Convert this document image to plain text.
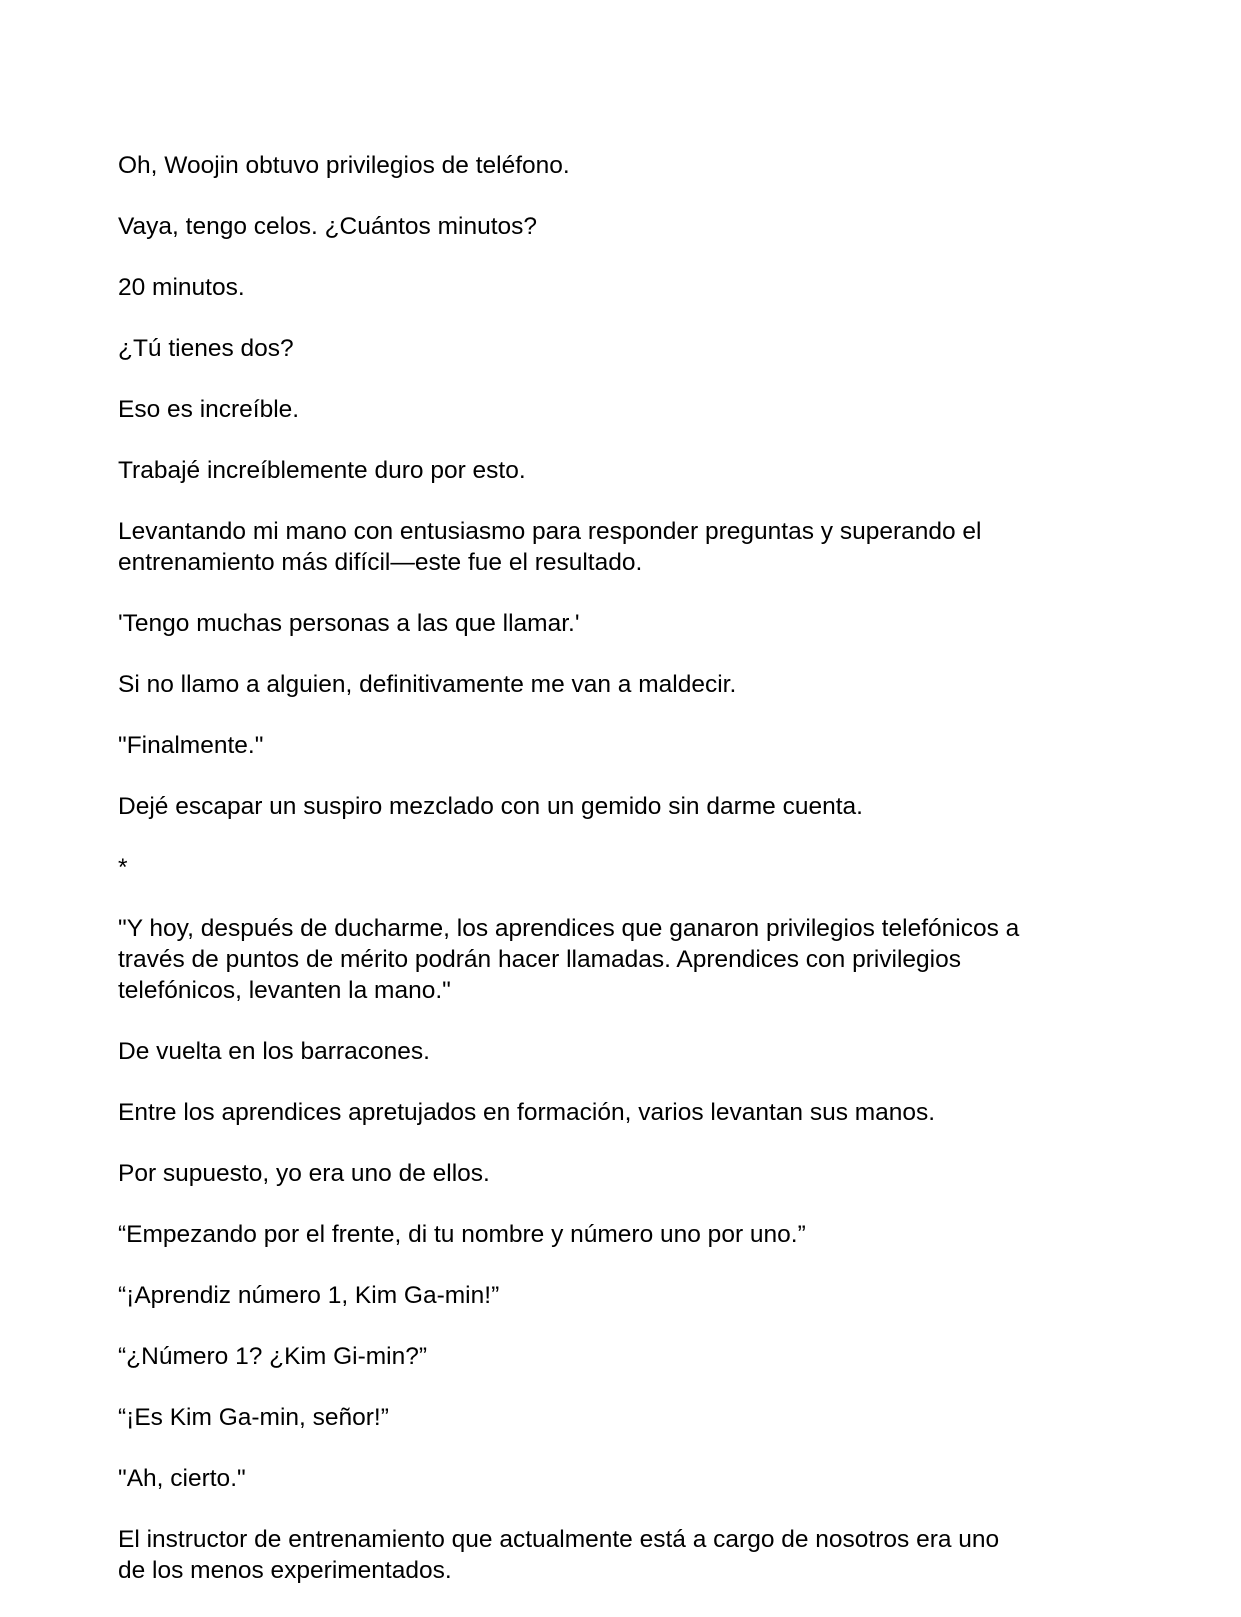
Oh, Woojin obtuvo privilegios de teléfono.

Vaya, tengo celos. ¿Cuántos minutos?

20 minutos.

¿Tú tienes dos?

Eso es increíble.

Trabajé increíblemente duro por esto.

Levantando mi mano con entusiasmo para responder preguntas y superando el
entrenamiento más difícil—este fue el resultado.

'Tengo muchas personas a las que llamar.'

Si no llamo a alguien, definitivamente me van a maldecir.

"Finalmente."

Dejé escapar un suspiro mezclado con un gemido sin darme cuenta.

*

"Y hoy, después de ducharme, los aprendices que ganaron privilegios telefónicos a
través de puntos de mérito podrán hacer llamadas. Aprendices con privilegios
telefónicos, levanten la mano."

De vuelta en los barracones.

Entre los aprendices apretujados en formación, varios levantan sus manos.

Por supuesto, yo era uno de ellos.

“Empezando por el frente, di tu nombre y número uno por uno.”

“¡Aprendiz número 1, Kim Ga-min!”

“¿Número 1? ¿Kim Gi-min?”

“¡Es Kim Ga-min, señor!”

"Ah, cierto."

El instructor de entrenamiento que actualmente está a cargo de nosotros era uno
de los menos experimentados.
